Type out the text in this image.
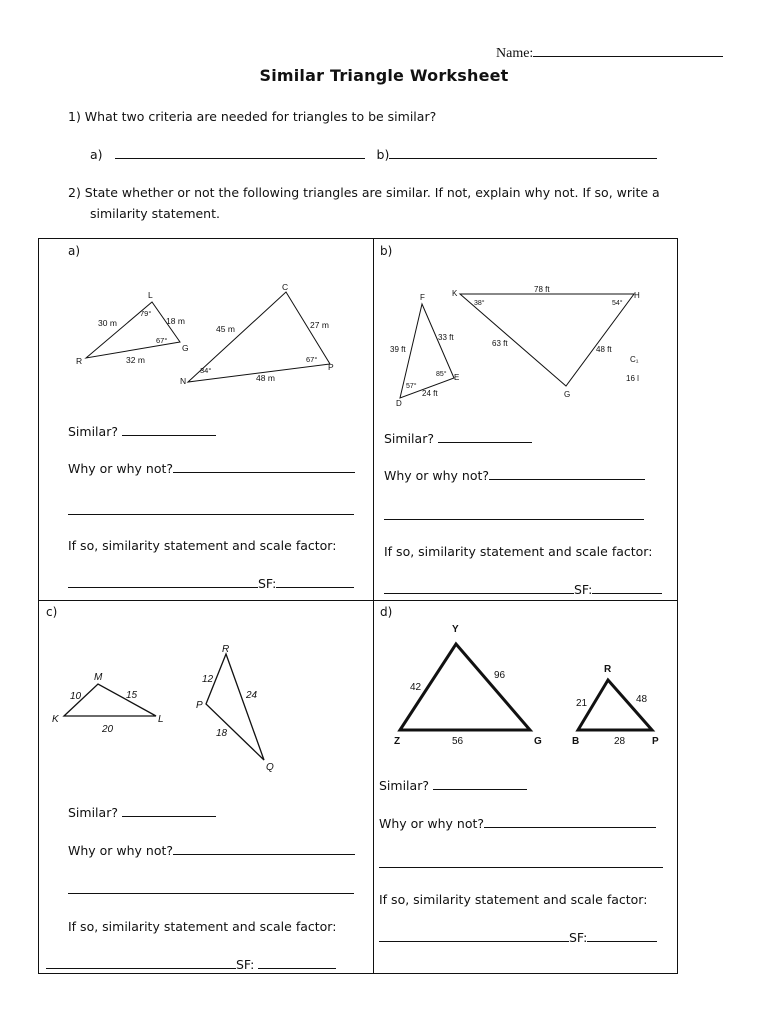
Name:
Similar Triangle Worksheet
1) What two criteria are needed for triangles to be similar?
a)	b)
2) State whether or not the following triangles are similar. If not, explain why not. If so, write a
similarity statement.
a)
L
R
G
30 m	18 m
32 m
79°
67°
C
N
P
45 m	27 m
48 m
34°
67°
Similar?
Why or why not?
If so, similarity statement and scale factor:
SF:
b)
F
D
E
39 ft
33 ft
24 ft
57°
85°
K	H
G
78 ft
63 ft
48 ft
38°	54°
C₁
16 l
Similar?
Why or why not?
If so, similarity statement and scale factor:
SF:
c)
M
K	L
10	15
20
R
P
Q
12
24
18
Similar?
Why or why not?
If so, similarity statement and scale factor:
SF:
d)
Y
Z	G
42
96
56
R
B	P
21	48
28
Similar?
Why or why not?
If so, similarity statement and scale factor:
SF:
